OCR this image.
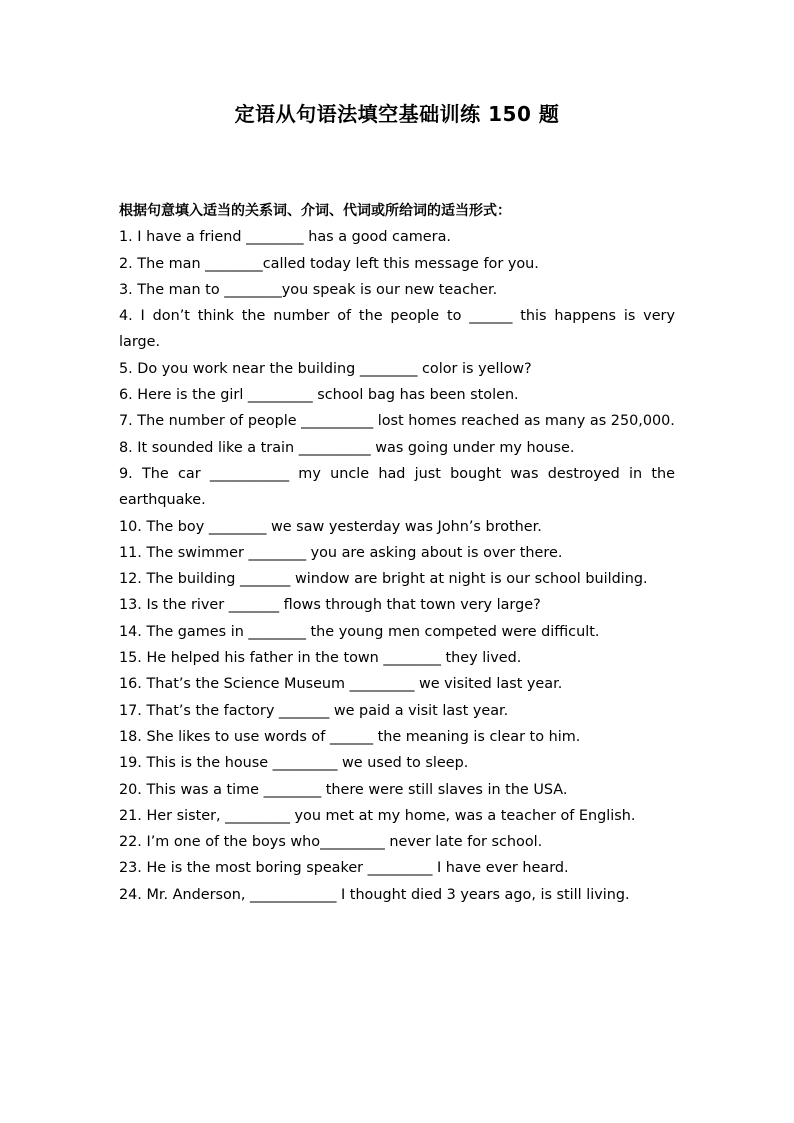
定语从句语法填空基础训练 150 题

根据句意填入适当的关系词、介词、代词或所给词的适当形式：

1. I have a friend ________ has a good camera.
2. The man ________called today left this message for you.
3. The man to ________you speak is our new teacher.
4. I don’t think the number of the people to ______ this happens is very large.
5. Do you work near the building ________ color is yellow?
6. Here is the girl _________ school bag has been stolen.
7. The number of people __________ lost homes reached as many as 250,000.
8. It sounded like a train __________ was going under my house.
9. The car ___________ my uncle had just bought was destroyed in the earthquake.
10. The boy ________ we saw yesterday was John’s brother.
11. The swimmer ________ you are asking about is over there.
12. The building _______ window are bright at night is our school building.
13. Is the river _______ flows through that town very large?
14. The games in ________ the young men competed were difficult.
15. He helped his father in the town ________ they lived.
16. That’s the Science Museum _________ we visited last year.
17. That’s the factory _______ we paid a visit last year.
18. She likes to use words of ______ the meaning is clear to him.
19. This is the house _________ we used to sleep.
20. This was a time ________ there were still slaves in the USA.
21. Her sister, _________ you met at my home, was a teacher of English.
22. I’m one of the boys who_________ never late for school.
23. He is the most boring speaker _________ I have ever heard.
24. Mr. Anderson, ____________ I thought died 3 years ago, is still living.
